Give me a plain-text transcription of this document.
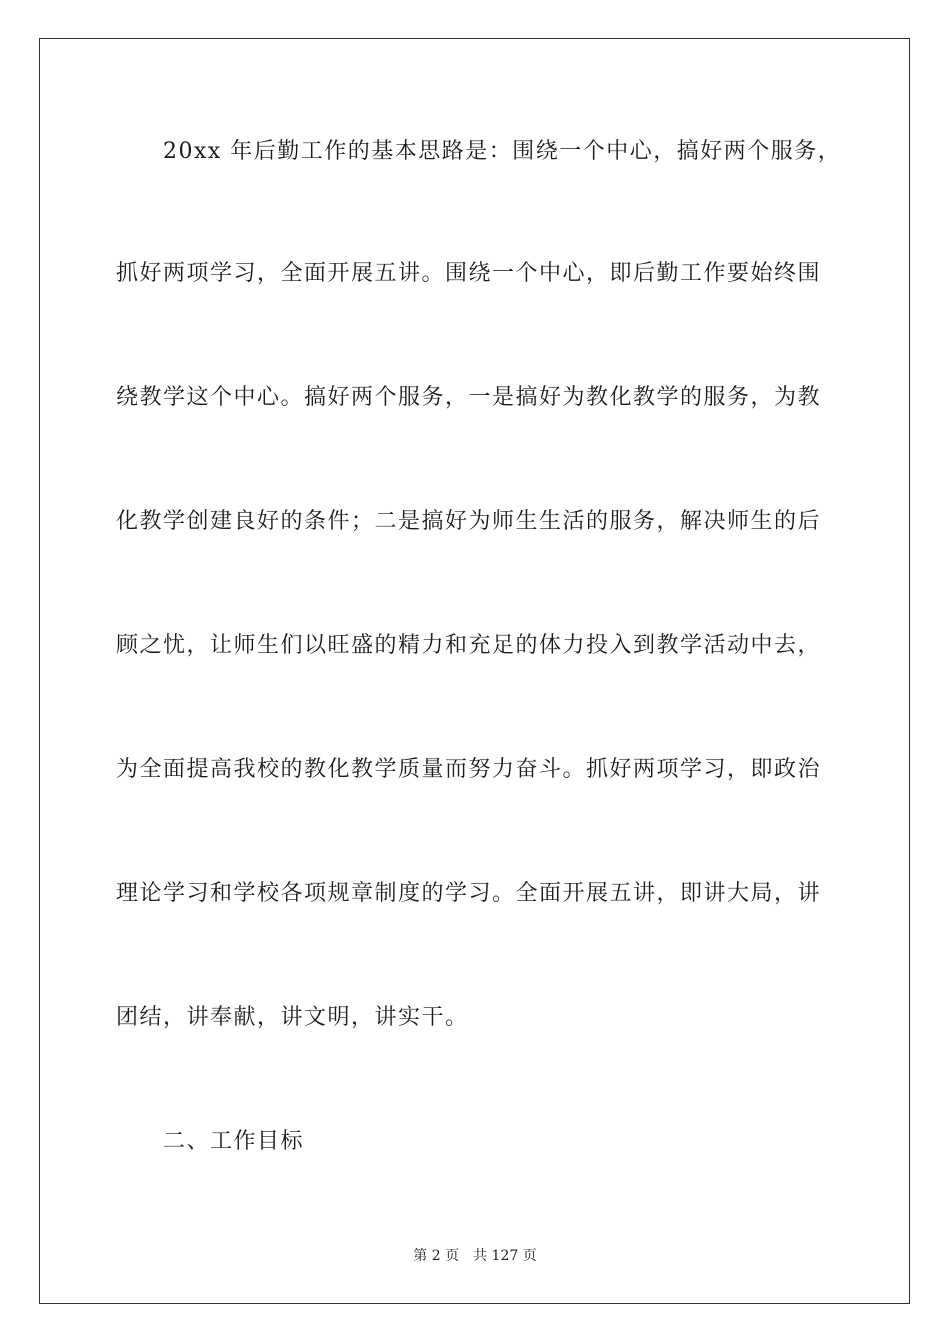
20xx 年后勤工作的基本思路是：围绕一个中心，搞好两个服务，
抓好两项学习，全面开展五讲。围绕一个中心，即后勤工作要始终围
绕教学这个中心。搞好两个服务，一是搞好为教化教学的服务，为教
化教学创建良好的条件；二是搞好为师生生活的服务，解决师生的后
顾之忧，让师生们以旺盛的精力和充足的体力投入到教学活动中去，
为全面提高我校的教化教学质量而努力奋斗。抓好两项学习，即政治
理论学习和学校各项规章制度的学习。全面开展五讲，即讲大局，讲
团结，讲奉献，讲文明，讲实干。
二、工作目标
第 2 页 共 127 页
